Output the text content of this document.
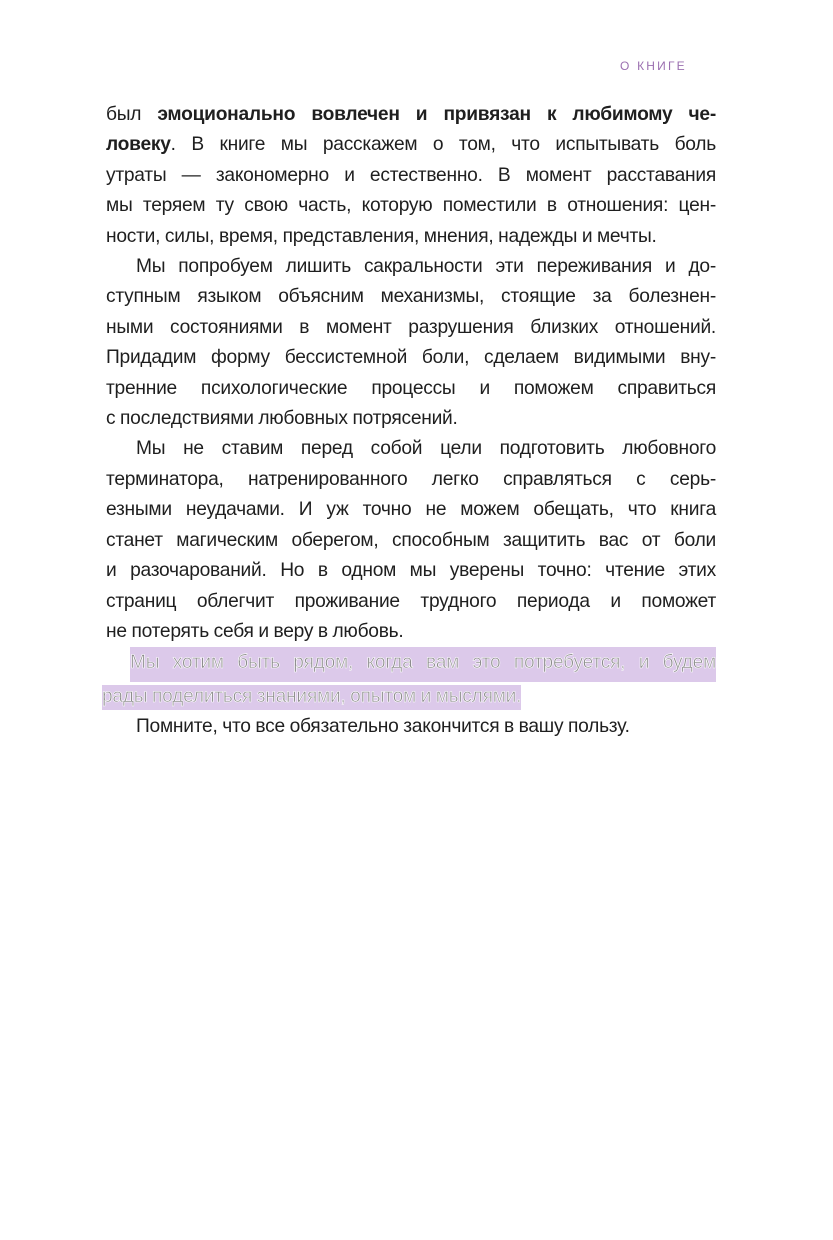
О КНИГЕ
был эмоционально вовлечен и привязан к любимому че-
ловеку. В книге мы расскажем о том, что испытывать боль
утраты — закономерно и естественно. В момент расставания
мы теряем ту свою часть, которую поместили в отношения: цен-
ности, силы, время, представления, мнения, надежды и мечты.
Мы попробуем лишить сакральности эти переживания и до-
ступным языком объясним механизмы, стоящие за болезнен-
ными состояниями в момент разрушения близких отношений.
Придадим форму бессистемной боли, сделаем видимыми вну-
тренние психологические процессы и поможем справиться
с последствиями любовных потрясений.
Мы не ставим перед собой цели подготовить любовного
терминатора, натренированного легко справляться с серь-
езными неудачами. И уж точно не можем обещать, что книга
станет магическим оберегом, способным защитить вас от боли
и разочарований. Но в одном мы уверены точно: чтение этих
страниц облегчит проживание трудного периода и поможет
не потерять себя и веру в любовь.
Мы хотим быть рядом, когда вам это потребуется, и будем
рады поделиться знаниями, опытом и мыслями.
Помните, что все обязательно закончится в вашу пользу.
